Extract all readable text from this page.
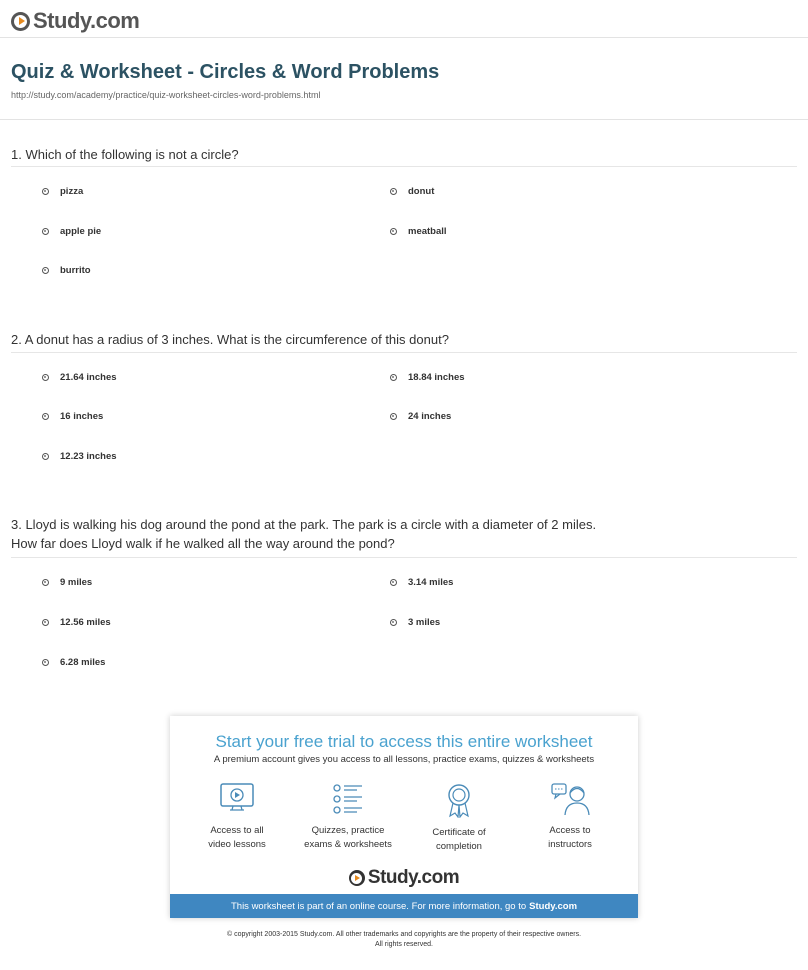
Study.com
Quiz & Worksheet - Circles & Word Problems
http://study.com/academy/practice/quiz-worksheet-circles-word-problems.html
1. Which of the following is not a circle?
pizza	donut
apple pie	meatball
burrito
2. A donut has a radius of 3 inches. What is the circumference of this donut?
21.64 inches	18.84 inches
16 inches	24 inches
12.23 inches
3. Lloyd is walking his dog around the pond at the park. The park is a circle with a diameter of 2 miles.
How far does Lloyd walk if he walked all the way around the pond?
9 miles	3.14 miles
12.56 miles	3 miles
6.28 miles
Start your free trial to access this entire worksheet
A premium account gives you access to all lessons, practice exams, quizzes & worksheets
Access to all
video lessons
Quizzes, practice
exams & worksheets
Certificate of
completion
Access to
instructors
Study.com
This worksheet is part of an online course. For more information, go to Study.com
© copyright 2003-2015 Study.com. All other trademarks and copyrights are the property of their respective owners.
All rights reserved.
